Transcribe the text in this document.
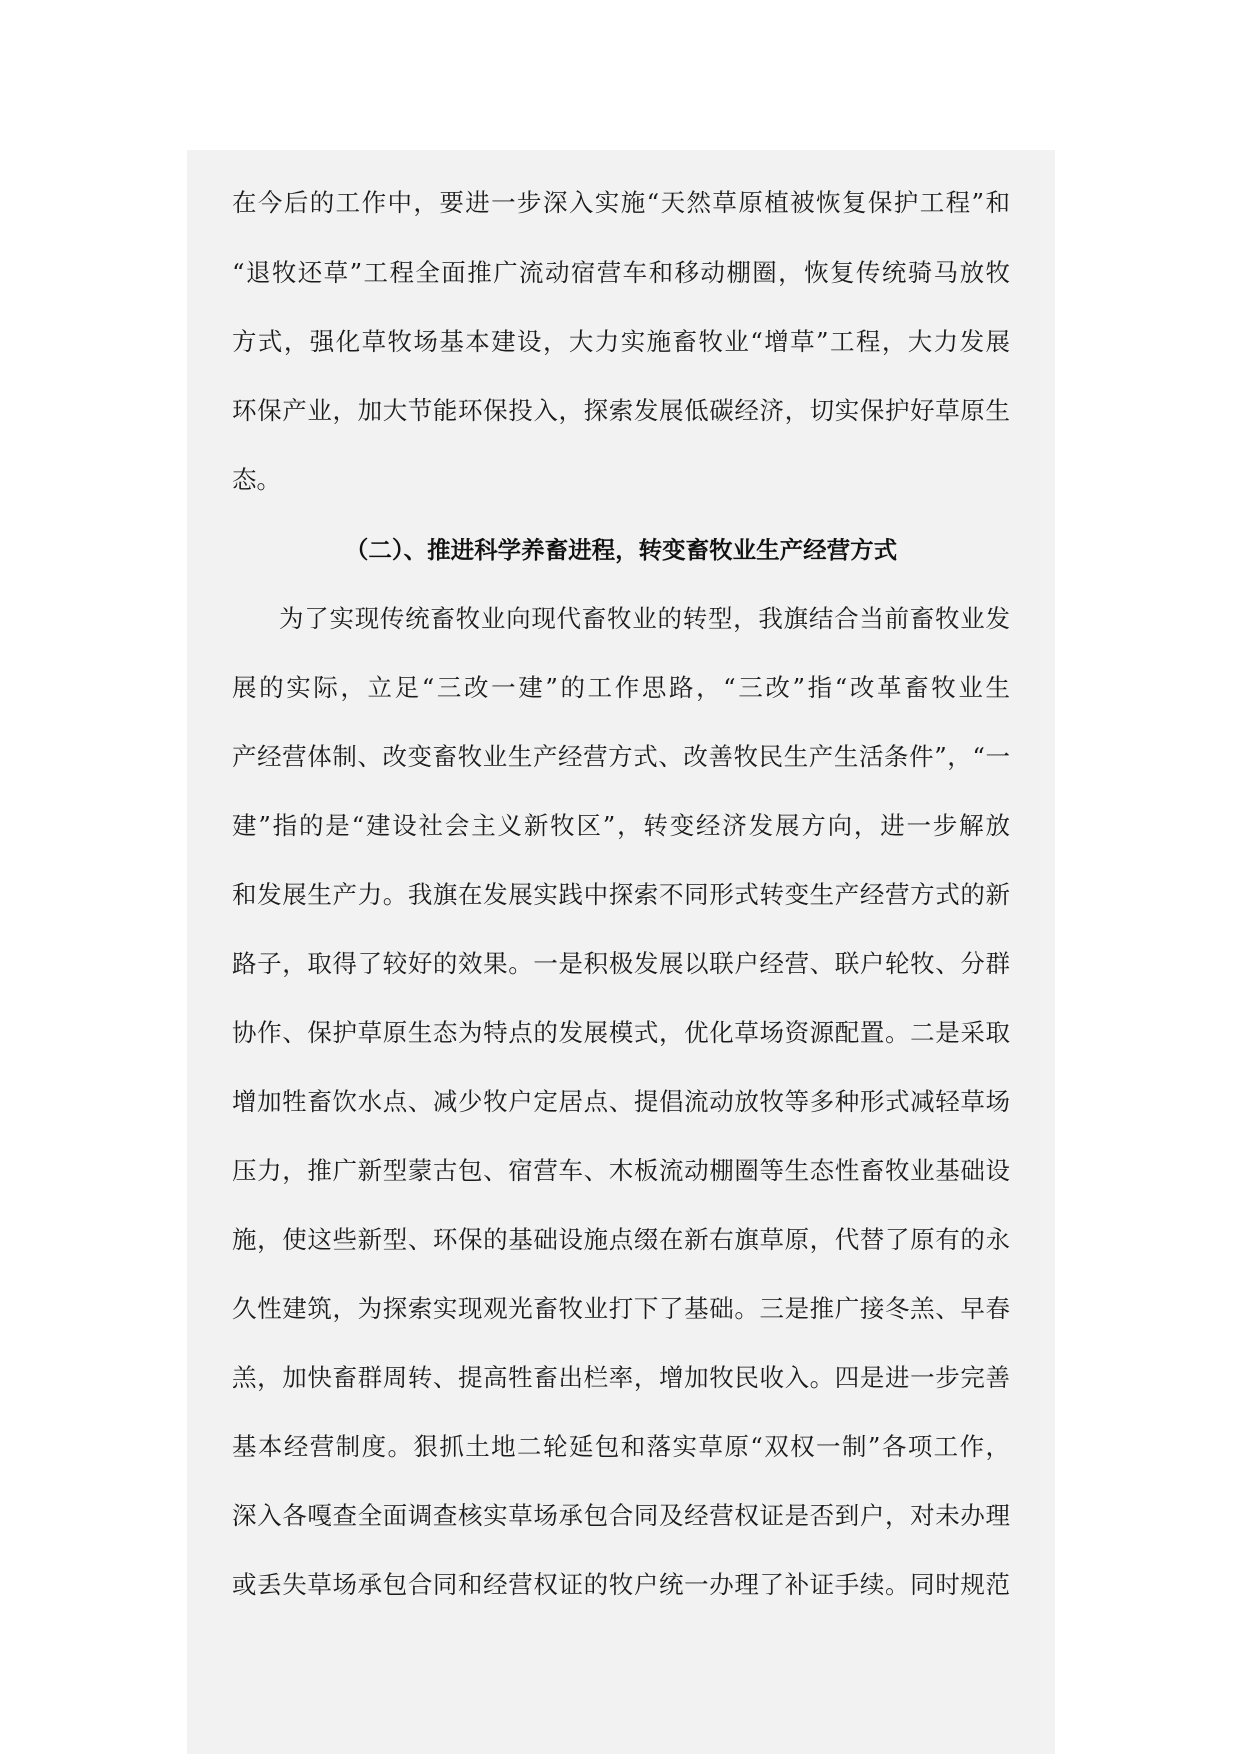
在今后的工作中，要进一步深入实施“天然草原植被恢复保护工程”和
“退牧还草”工程全面推广流动宿营车和移动棚圈，恢复传统骑马放牧
方式，强化草牧场基本建设，大力实施畜牧业“增草”工程，大力发展
环保产业，加大节能环保投入，探索发展低碳经济，切实保护好草原生
态。
（二）、推进科学养畜进程，转变畜牧业生产经营方式
为了实现传统畜牧业向现代畜牧业的转型，我旗结合当前畜牧业发
展的实际，立足“三改一建”的工作思路，“三改”指“改革畜牧业生
产经营体制、改变畜牧业生产经营方式、改善牧民生产生活条件”，“一
建”指的是“建设社会主义新牧区”，转变经济发展方向，进一步解放
和发展生产力。我旗在发展实践中探索不同形式转变生产经营方式的新
路子，取得了较好的效果。一是积极发展以联户经营、联户轮牧、分群
协作、保护草原生态为特点的发展模式，优化草场资源配置。二是采取
增加牲畜饮水点、减少牧户定居点、提倡流动放牧等多种形式减轻草场
压力，推广新型蒙古包、宿营车、木板流动棚圈等生态性畜牧业基础设
施，使这些新型、环保的基础设施点缀在新右旗草原，代替了原有的永
久性建筑，为探索实现观光畜牧业打下了基础。三是推广接冬羔、早春
羔，加快畜群周转、提高牲畜出栏率，增加牧民收入。四是进一步完善
基本经营制度。狠抓土地二轮延包和落实草原“双权一制”各项工作，
深入各嘎查全面调查核实草场承包合同及经营权证是否到户，对未办理
或丢失草场承包合同和经营权证的牧户统一办理了补证手续。同时规范
